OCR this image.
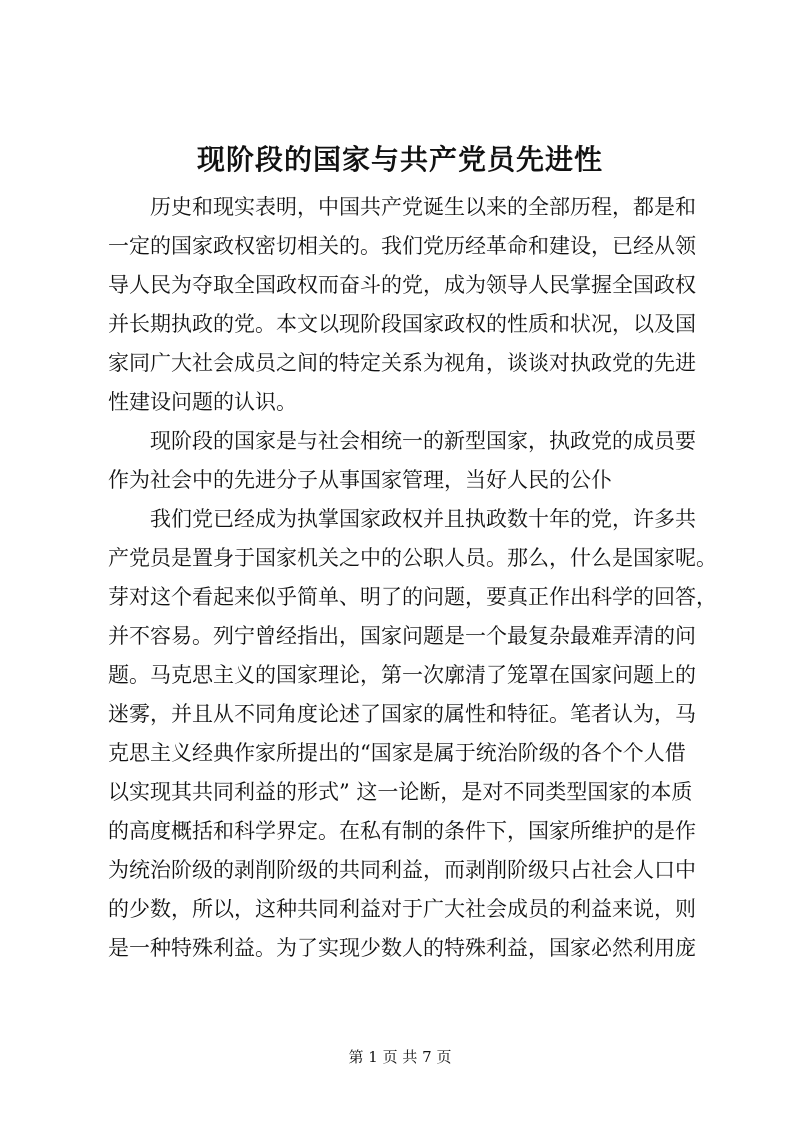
现阶段的国家与共产党员先进性
历史和现实表明，中国共产党诞生以来的全部历程，都是和
一定的国家政权密切相关的。我们党历经革命和建设，已经从领
导人民为夺取全国政权而奋斗的党，成为领导人民掌握全国政权
并长期执政的党。本文以现阶段国家政权的性质和状况，以及国
家同广大社会成员之间的特定关系为视角，谈谈对执政党的先进
性建设问题的认识。
现阶段的国家是与社会相统一的新型国家，执政党的成员要
作为社会中的先进分子从事国家管理，当好人民的公仆
我们党已经成为执掌国家政权并且执政数十年的党，许多共
产党员是置身于国家机关之中的公职人员。那么，什么是国家呢。
芽对这个看起来似乎简单、明了的问题，要真正作出科学的回答，
并不容易。列宁曾经指出，国家问题是一个最复杂最难弄清的问
题。马克思主义的国家理论，第一次廓清了笼罩在国家问题上的
迷雾，并且从不同角度论述了国家的属性和特征。笔者认为，马
克思主义经典作家所提出的“国家是属于统治阶级的各个个人借
以实现其共同利益的形式” 这一论断，是对不同类型国家的本质
的高度概括和科学界定。在私有制的条件下，国家所维护的是作
为统治阶级的剥削阶级的共同利益，而剥削阶级只占社会人口中
的少数，所以，这种共同利益对于广大社会成员的利益来说，则
是一种特殊利益。为了实现少数人的特殊利益，国家必然利用庞
第 1 页 共 7 页
